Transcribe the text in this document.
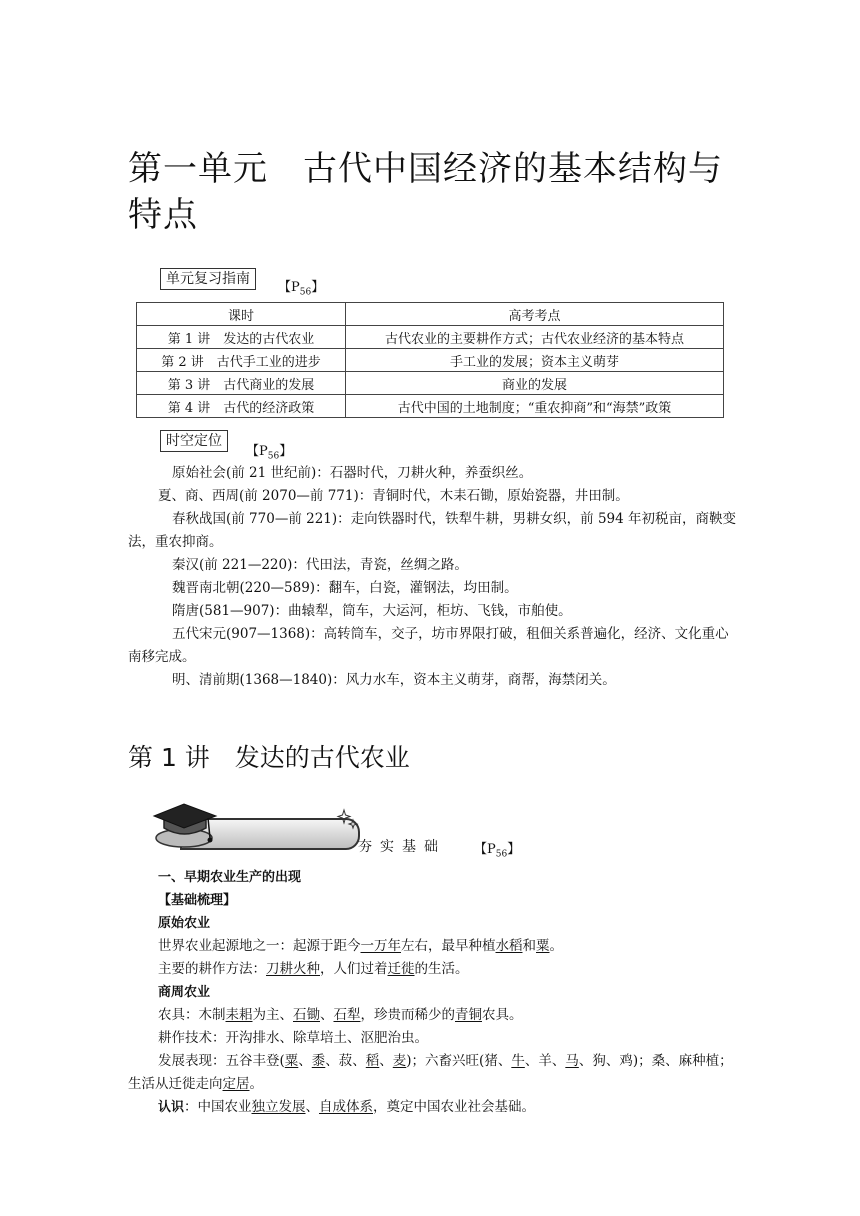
第一单元　古代中国经济的基本结构与
特点
单元复习指南
【$P_{56}$】
课时	高考考点
第 1 讲　发达的古代农业	古代农业的主要耕作方式；古代农业经济的基本特点
第 2 讲　古代手工业的进步	手工业的发展；资本主义萌芽
第 3 讲　古代商业的发展	商业的发展
第 4 讲　古代的经济政策	古代中国的土地制度；“重农抑商”和“海禁”政策
时空定位
【$P_{56}$】
原始社会(前 21 世纪前)：石器时代，刀耕火种，养蚕织丝。
夏、商、西周(前 2070—前 771)：青铜时代，木耒石锄，原始瓷器，井田制。
春秋战国(前 770—前 221)：走向铁器时代，铁犁牛耕，男耕女织，前 594 年初税亩，商鞅变法，重农抑商。
秦汉(前 221—220)：代田法，青瓷，丝绸之路。
魏晋南北朝(220—589)：翻车，白瓷，灌钢法，均田制。
隋唐(581—907)：曲辕犁，筒车，大运河，柜坊、飞钱，市舶使。
五代宋元(907—1368)：高转筒车，交子，坊市界限打破，租佃关系普遍化，经济、文化重心南移完成。
明、清前期(1368—1840)：风力水车，资本主义萌芽，商帮，海禁闭关。
第 1 讲　发达的古代农业
夯实基础 【$P_{56}$】

一、早期农业生产的出现

【基础梳理】

原始农业

世界农业起源地之一：起源于距今一万年左右，最早种植水稻和粟。

主要的耕作方法：刀耕火种，人们过着迁徙的生活。

商周农业

农具：木制耒耜为主、石锄、石犁，珍贵而稀少的青铜农具。

耕作技术：开沟排水、除草培土、沤肥治虫。

发展表现：五谷丰登(粟、黍、菽、稻、麦)；六畜兴旺(猪、牛、羊、马、狗、鸡)；桑、麻种植；生活从迁徙走向定居。
认识：中国农业独立发展、自成体系，奠定中国农业社会基础。
